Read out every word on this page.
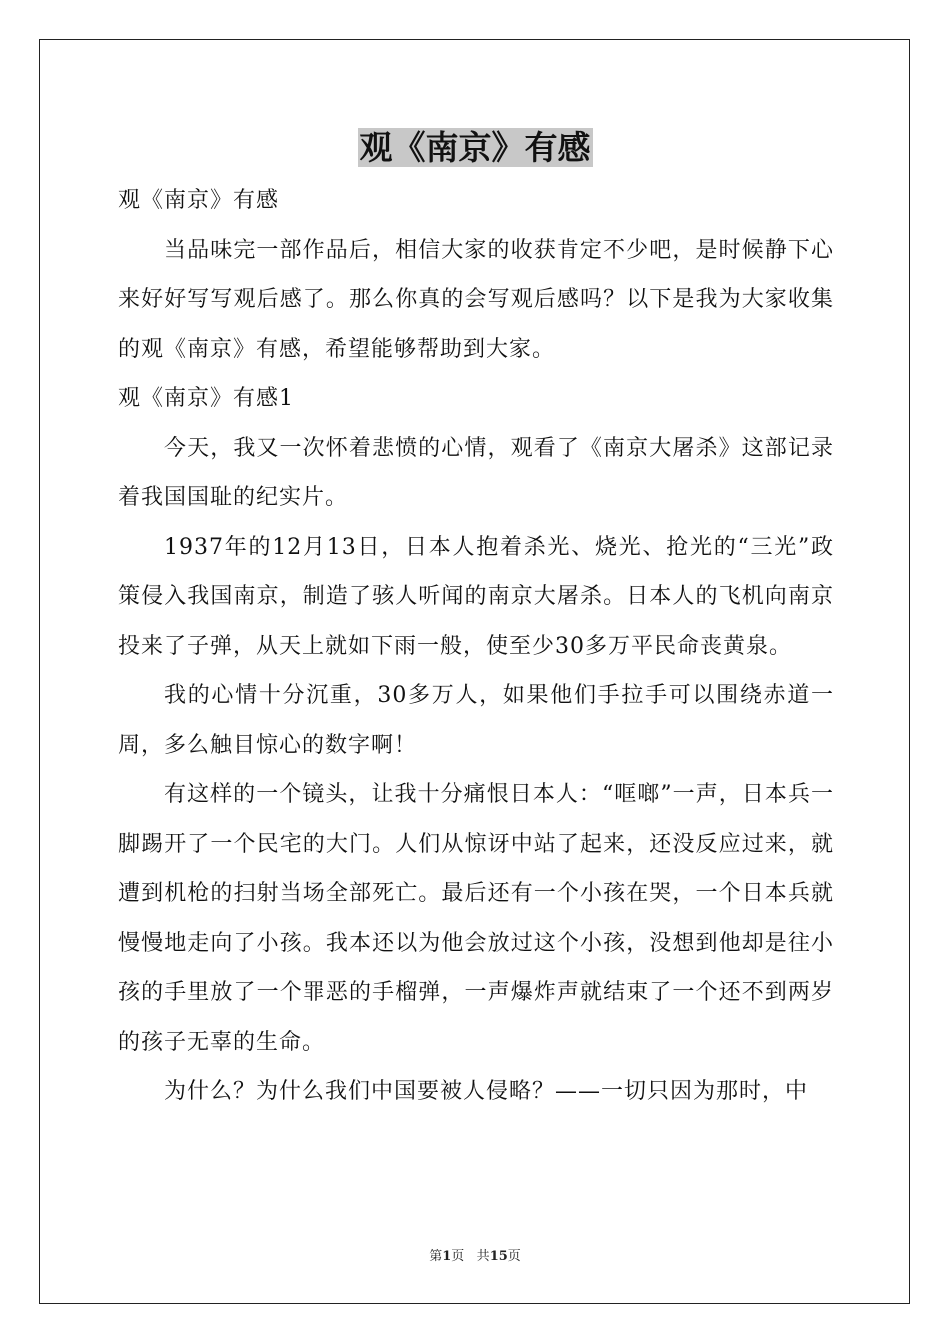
观《南京》有感

观《南京》有感

当品味完一部作品后，相信大家的收获肯定不少吧，是时候静下心来好好写写观后感了。那么你真的会写观后感吗？以下是我为大家收集的观《南京》有感，希望能够帮助到大家。

观《南京》有感1

今天，我又一次怀着悲愤的心情，观看了《南京大屠杀》这部记录着我国国耻的纪实片。

1937年的12月13日，日本人抱着杀光、烧光、抢光的“三光”政策侵入我国南京，制造了骇人听闻的南京大屠杀。日本人的飞机向南京投来了子弹，从天上就如下雨一般，使至少30多万平民命丧黄泉。

我的心情十分沉重，30多万人，如果他们手拉手可以围绕赤道一周，多么触目惊心的数字啊！

有这样的一个镜头，让我十分痛恨日本人：“哐啷”一声，日本兵一脚踢开了一个民宅的大门。人们从惊讶中站了起来，还没反应过来，就遭到机枪的扫射当场全部死亡。最后还有一个小孩在哭，一个日本兵就慢慢地走向了小孩。我本还以为他会放过这个小孩，没想到他却是往小孩的手里放了一个罪恶的手榴弹，一声爆炸声就结束了一个还不到两岁的孩子无辜的生命。

为什么？为什么我们中国要被人侵略？——一切只因为那时，中

第1页 共15页
